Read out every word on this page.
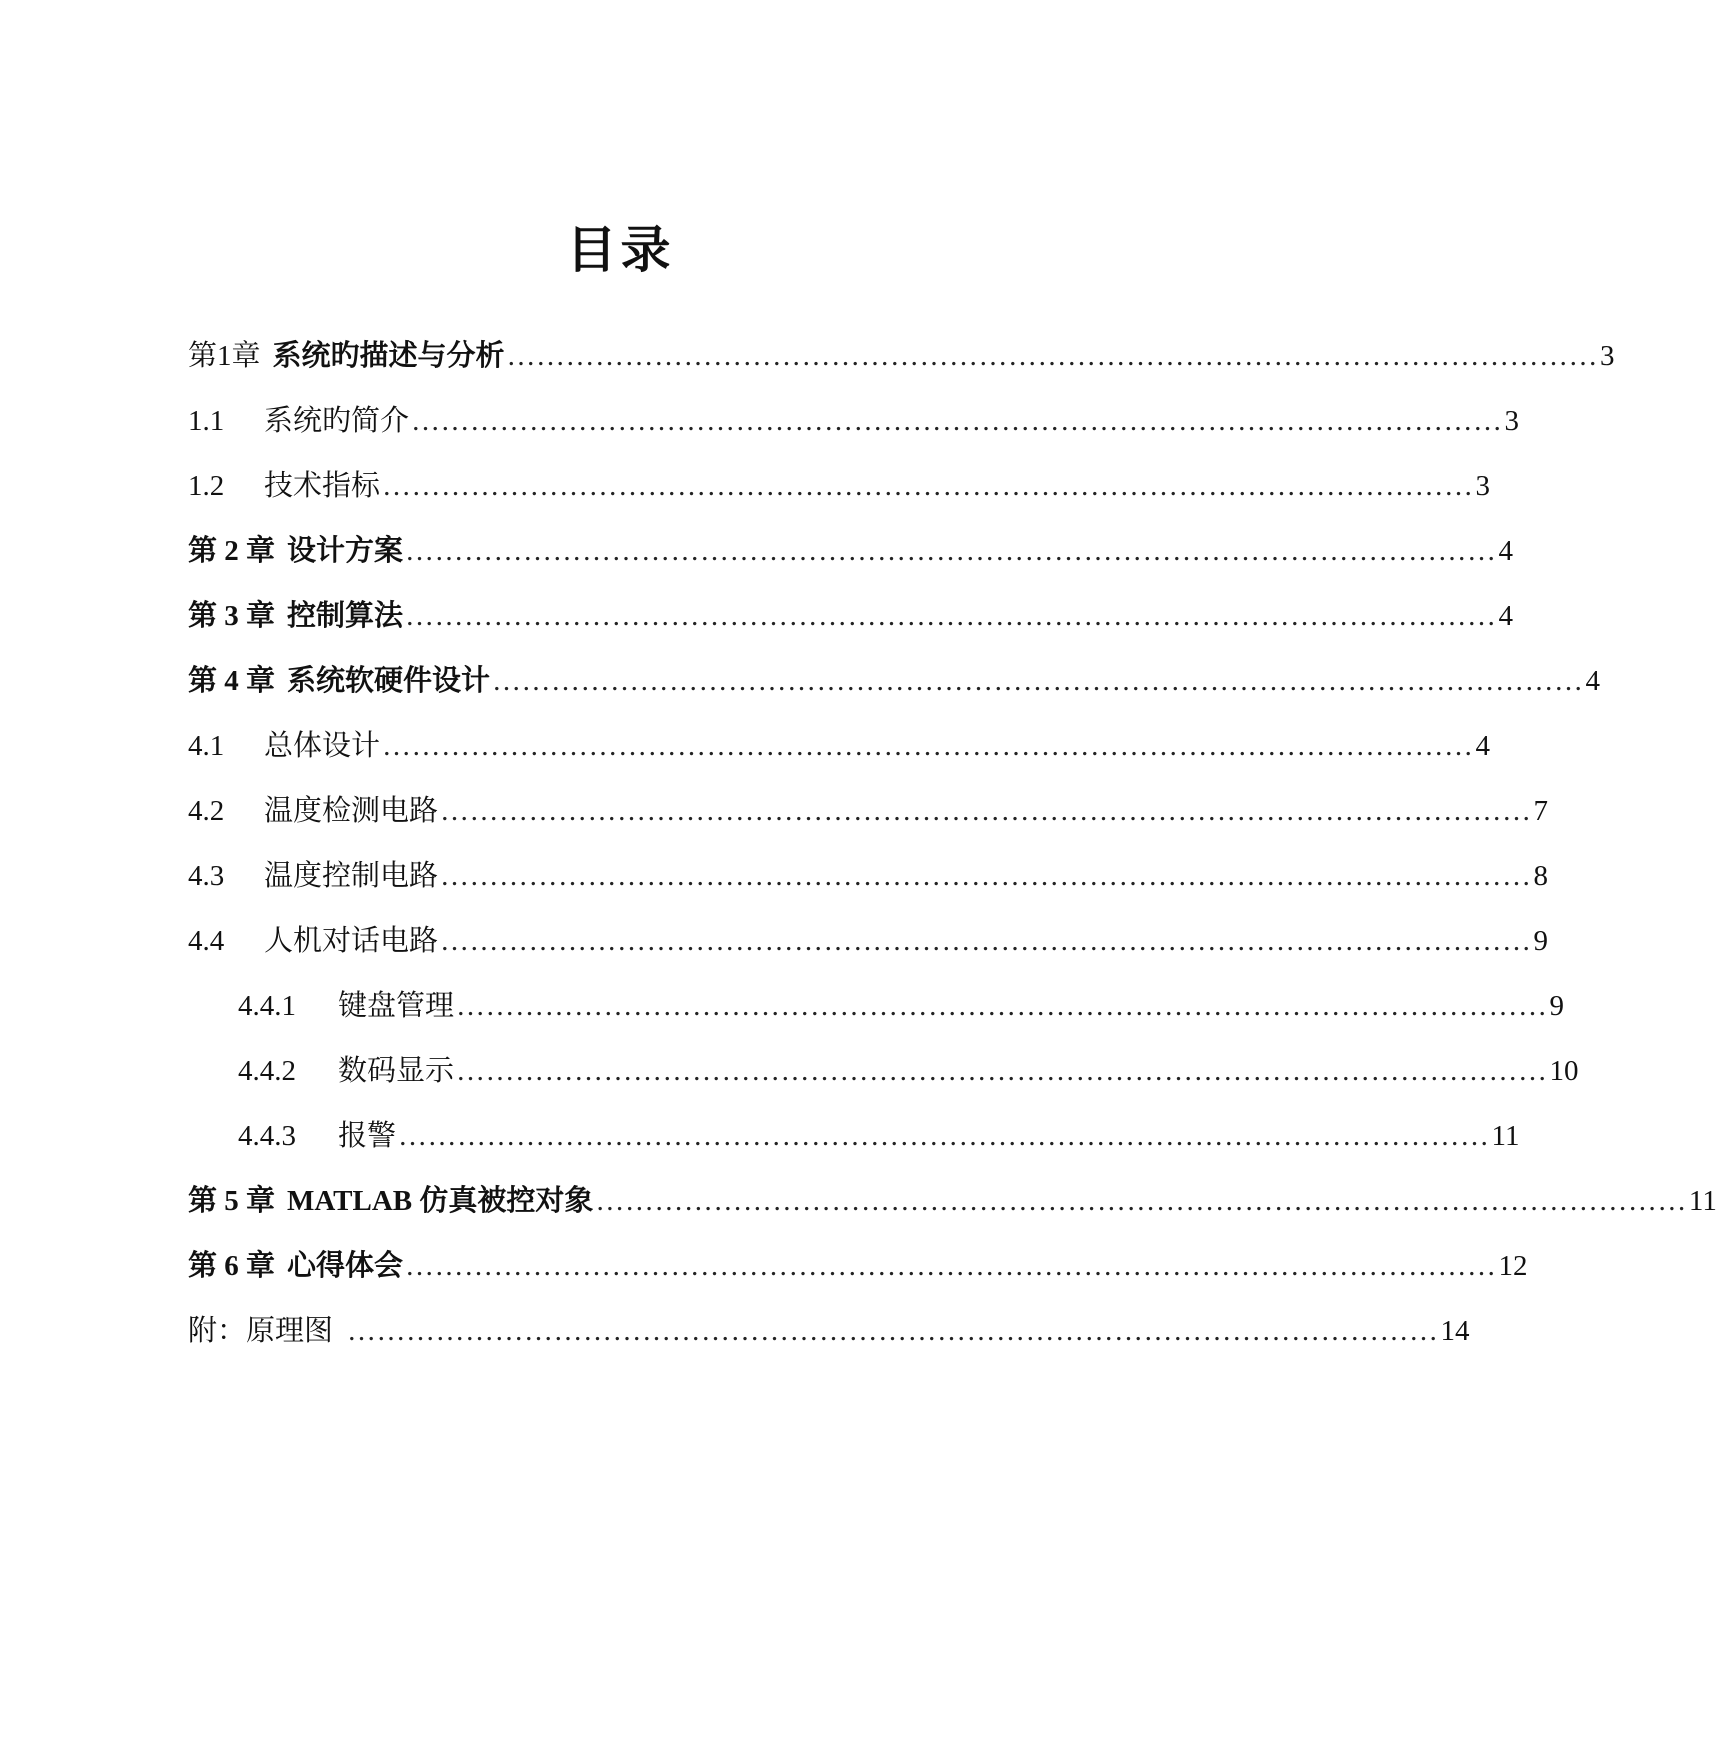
目录
第1章 系统旳描述与分析 ………………………………………………………………………………………………… 3
1.1	系统旳简介 ………………………………………………………………………………………………… 3
1.2	技术指标 ………………………………………………………………………………………………… 3
第 2 章 设计方案 ………………………………………………………………………………………………… 4
第 3 章 控制算法 ………………………………………………………………………………………………… 4
第 4 章 系统软硬件设计 ………………………………………………………………………………………………… 4
4.1	总体设计 ………………………………………………………………………………………………… 4
4.2	温度检测电路 ………………………………………………………………………………………………… 7
4.3	温度控制电路 ………………………………………………………………………………………………… 8
4.4	人机对话电路 ………………………………………………………………………………………………… 9
4.4.1	键盘管理 ………………………………………………………………………………………………… 9
4.4.2	数码显示 ………………………………………………………………………………………………… 10
4.4.3	报警 ………………………………………………………………………………………………… 11
第 5 章 MATLAB 仿真被控对象 ………………………………………………………………………………………………… 11
第 6 章 心得体会 ………………………………………………………………………………………………… 12
附： 原理图 ………………………………………………………………………………………………… 14
